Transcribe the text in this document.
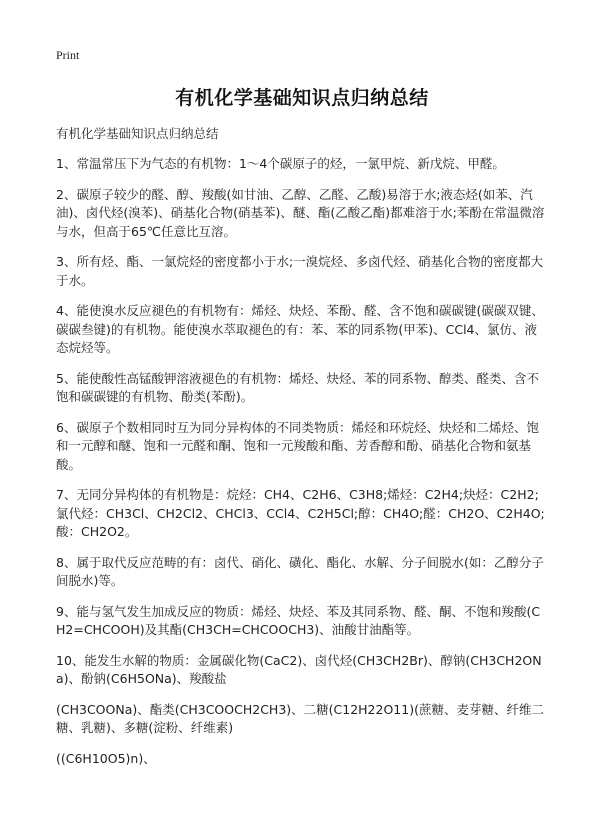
Print
有机化学基础知识点归纳总结

有机化学基础知识点归纳总结

1、常温常压下为气态的有机物：1～4个碳原子的烃，一氯甲烷、新戊烷、甲醛。

2、碳原子较少的醛、醇、羧酸(如甘油、乙醇、乙醛、乙酸)易溶于水;液态烃(如苯、汽油)、卤代烃(溴苯)、硝基化合物(硝基苯)、醚、酯(乙酸乙酯)都难溶于水;苯酚在常温微溶与水，但高于65℃任意比互溶。

3、所有烃、酯、一氯烷烃的密度都小于水;一溴烷烃、多卤代烃、硝基化合物的密度都大于水。

4、能使溴水反应褪色的有机物有：烯烃、炔烃、苯酚、醛、含不饱和碳碳键(碳碳双键、碳碳叁键)的有机物。能使溴水萃取褪色的有：苯、苯的同系物(甲苯)、CCl4、氯仿、液态烷烃等。

5、能使酸性高锰酸钾溶液褪色的有机物：烯烃、炔烃、苯的同系物、醇类、醛类、含不饱和碳碳键的有机物、酚类(苯酚)。

6、碳原子个数相同时互为同分异构体的不同类物质：烯烃和环烷烃、炔烃和二烯烃、饱和一元醇和醚、饱和一元醛和酮、饱和一元羧酸和酯、芳香醇和酚、硝基化合物和氨基酸。

7、无同分异构体的有机物是：烷烃：CH4、C2H6、C3H8;烯烃：C2H4;炔烃：C2H2;氯代烃：CH3Cl、CH2Cl2、CHCl3、CCl4、C2H5Cl;醇：CH4O;醛：CH2O、C2H4O;酸：CH2O2。

8、属于取代反应范畴的有：卤代、硝化、磺化、酯化、水解、分子间脱水(如：乙醇分子间脱水)等。

9、能与氢气发生加成反应的物质：烯烃、炔烃、苯及其同系物、醛、酮、不饱和羧酸(CH2=CHCOOH)及其酯(CH3CH=CHCOOCH3)、油酸甘油酯等。

10、能发生水解的物质：金属碳化物(CaC2)、卤代烃(CH3CH2Br)、醇钠(CH3CH2ONa)、酚钠(C6H5ONa)、羧酸盐

(CH3COONa)、酯类(CH3COOCH2CH3)、二糖(C12H22O11)(蔗糖、麦芽糖、纤维二糖、乳糖)、多糖(淀粉、纤维素)

((C6H10O5)n)、
